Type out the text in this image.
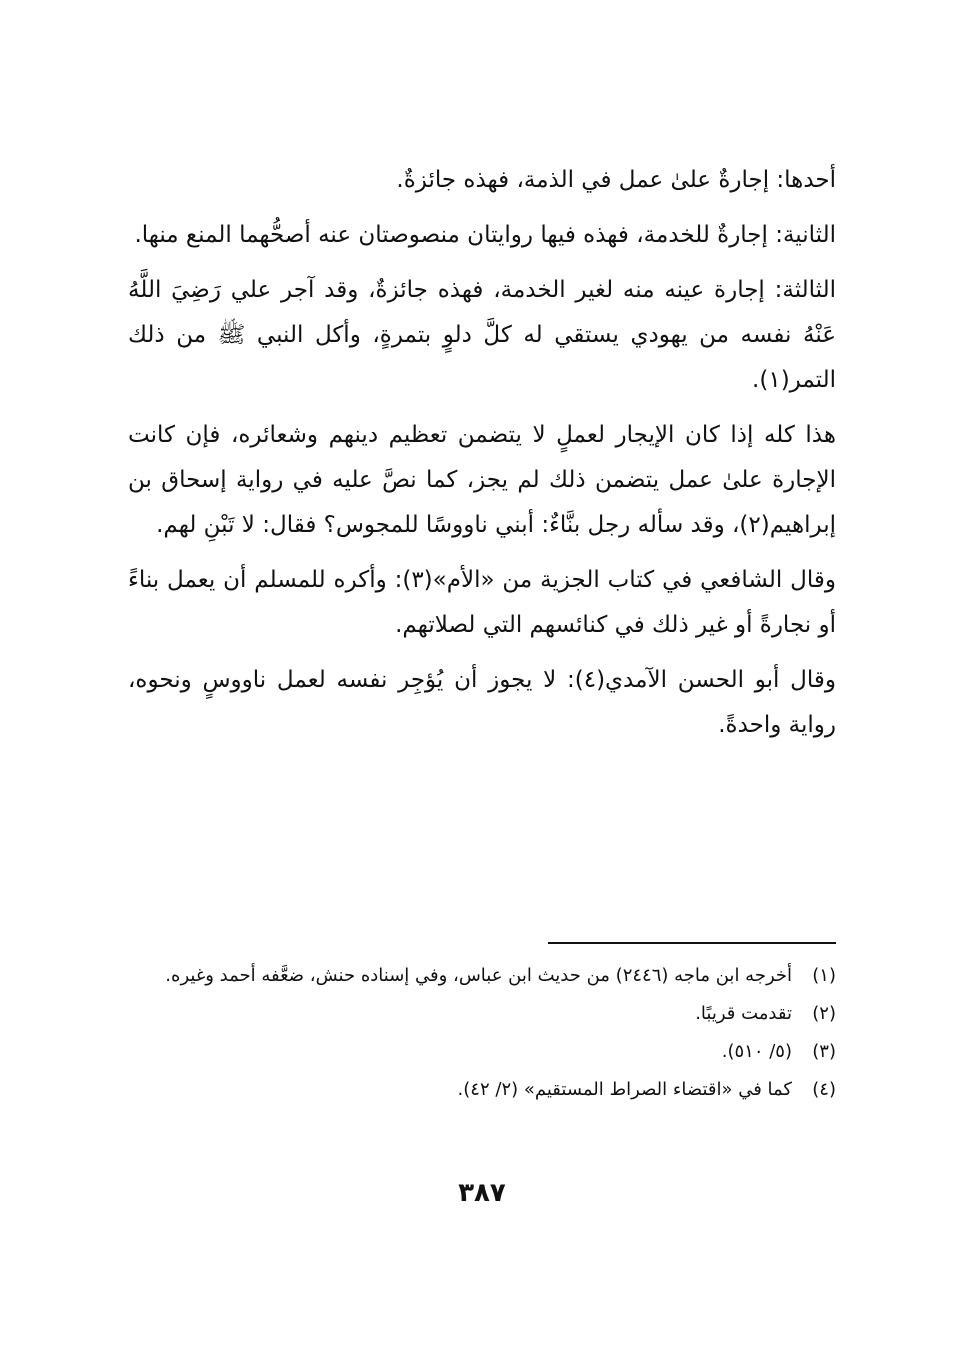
أحدها: إجارةٌ علىٰ عمل في الذمة، فهذه جائزةٌ.

الثانية: إجارةٌ للخدمة، فهذه فيها روايتان منصوصتان عنه أصحُّهما المنع منها.

الثالثة: إجارة عينه منه لغير الخدمة، فهذه جائزةٌ، وقد آجر علي رَضِيَ اللَّهُ عَنْهُ نفسه من يهودي يستقي له كلَّ دلوٍ بتمرةٍ، وأكل النبي ﷺ من ذلك التمر(١).

هذا كله إذا كان الإيجار لعملٍ لا يتضمن تعظيم دينهم وشعائره، فإن كانت الإجارة علىٰ عمل يتضمن ذلك لم يجز، كما نصَّ عليه في رواية إسحاق بن إبراهيم(٢)، وقد سأله رجل بنَّاءٌ: أبني ناووسًا للمجوس؟ فقال: لا تَبْنِ لهم.

وقال الشافعي في كتاب الجزية من «الأم»(٣): وأكره للمسلم أن يعمل بناءً أو نجارةً أو غير ذلك في كنائسهم التي لصلاتهم.

وقال أبو الحسن الآمدي(٤): لا يجوز أن يُؤجِر نفسه لعمل ناووسٍ ونحوه، رواية واحدةً.

(١)
أخرجه ابن ماجه (٢٤٤٦) من حديث ابن عباس، وفي إسناده حنش، ضعَّفه أحمد وغيره.
(٢)
تقدمت قريبًا.
(٣)
(٥/ ٥١٠).
(٤)
كما في «اقتضاء الصراط المستقيم» (٢/ ٤٢).
٣٨٧
